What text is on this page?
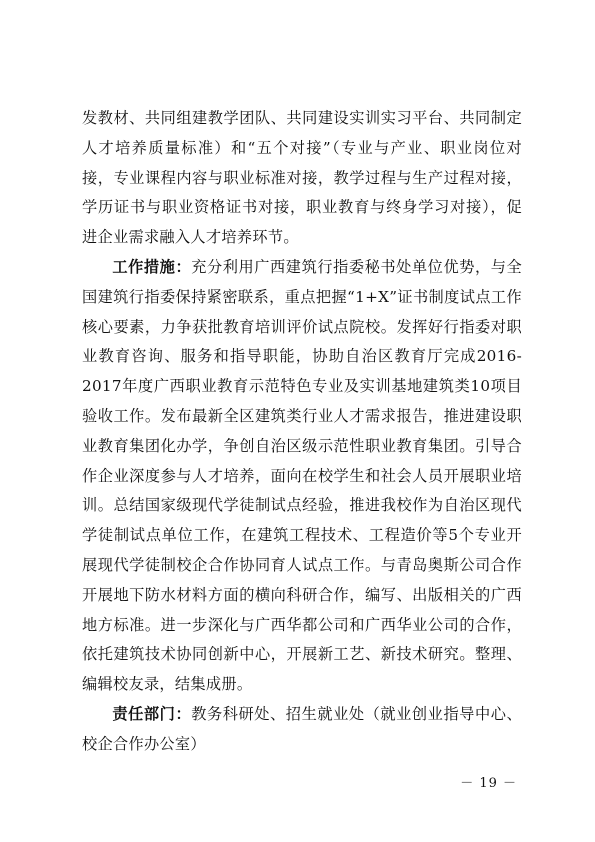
发教材、共同组建教学团队、共同建设实训实习平台、共同制定人才培养质量标准）和“五个对接”（专业与产业、职业岗位对接，专业课程内容与职业标准对接，教学过程与生产过程对接，学历证书与职业资格证书对接，职业教育与终身学习对接），促进企业需求融入人才培养环节。

工作措施：充分利用广西建筑行指委秘书处单位优势，与全国建筑行指委保持紧密联系，重点把握“1+X”证书制度试点工作核心要素，力争获批教育培训评价试点院校。发挥好行指委对职业教育咨询、服务和指导职能，协助自治区教育厅完成2016-2017年度广西职业教育示范特色专业及实训基地建筑类10项目验收工作。发布最新全区建筑类行业人才需求报告，推进建设职业教育集团化办学，争创自治区级示范性职业教育集团。引导合作企业深度参与人才培养，面向在校学生和社会人员开展职业培训。总结国家级现代学徒制试点经验，推进我校作为自治区现代学徒制试点单位工作，在建筑工程技术、工程造价等5个专业开展现代学徒制校企合作协同育人试点工作。与青岛奥斯公司合作开展地下防水材料方面的横向科研合作，编写、出版相关的广西地方标准。进一步深化与广西华都公司和广西华业公司的合作，依托建筑技术协同创新中心，开展新工艺、新技术研究。整理、编辑校友录，结集成册。

责任部门：教务科研处、招生就业处（就业创业指导中心、校企合作办公室）

－ 19 －
